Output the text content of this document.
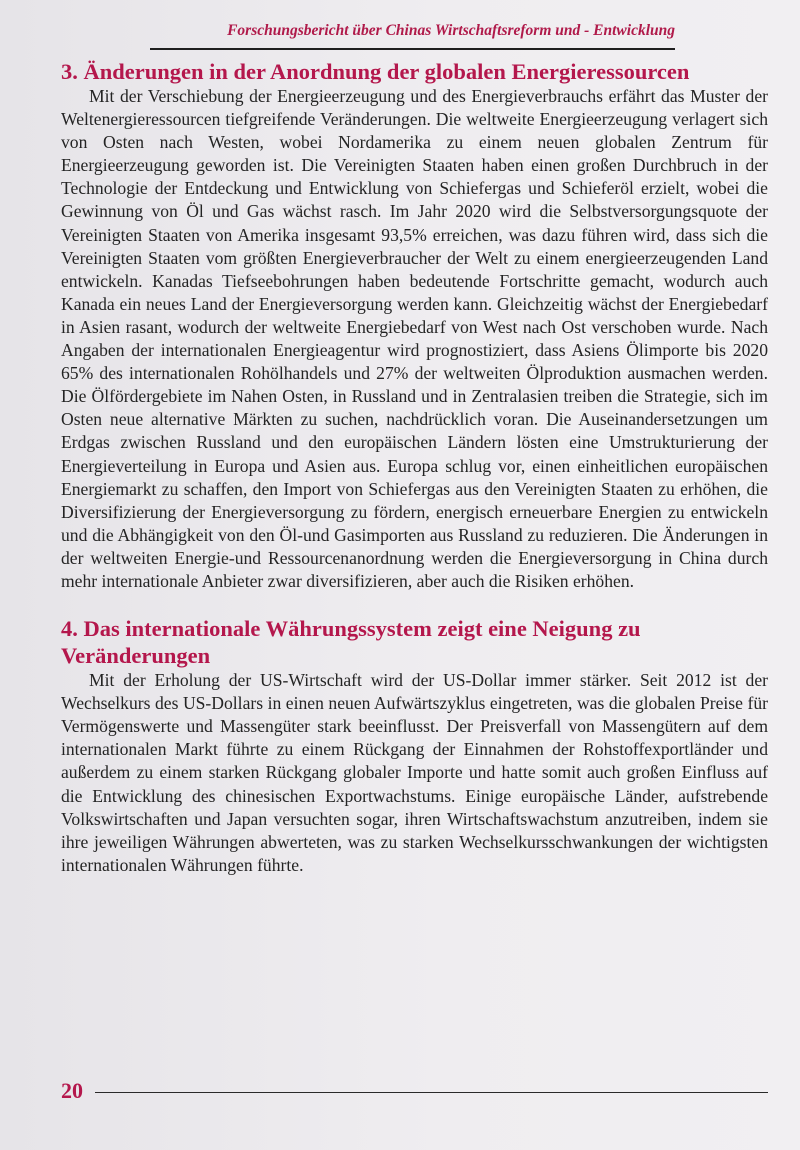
Forschungsbericht über Chinas Wirtschaftsreform und - Entwicklung
3. Änderungen in der Anordnung der globalen Energieressourcen

Mit der Verschiebung der Energieerzeugung und des Energieverbrauchs erfährt das Muster der Weltenergieressourcen tiefgreifende Veränderungen. Die weltweite Energieerzeugung verlagert sich von Osten nach Westen, wobei Nordamerika zu einem neuen globalen Zentrum für Energieerzeugung geworden ist. Die Vereinigten Staaten haben einen großen Durchbruch in der Technologie der Entdeckung und Entwicklung von Schiefergas und Schieferöl erzielt, wobei die Gewinnung von Öl und Gas wächst rasch. Im Jahr 2020 wird die Selbstversorgungsquote der Vereinigten Staaten von Amerika insgesamt 93,5% erreichen, was dazu führen wird, dass sich die Vereinigten Staaten vom größten Energieverbraucher der Welt zu einem energieerzeugenden Land entwickeln. Kanadas Tiefseebohrungen haben bedeutende Fortschritte gemacht, wodurch auch Kanada ein neues Land der Energieversorgung werden kann. Gleichzeitig wächst der Energiebedarf in Asien rasant, wodurch der weltweite Energiebedarf von West nach Ost verschoben wurde. Nach Angaben der internationalen Energieagentur wird prognostiziert, dass Asiens Ölimporte bis 2020 65% des internationalen Rohölhandels und 27% der weltweiten Ölproduktion ausmachen werden. Die Ölfördergebiete im Nahen Osten, in Russland und in Zentralasien treiben die Strategie, sich im Osten neue alternative Märkten zu suchen, nachdrücklich voran. Die Auseinandersetzungen um Erdgas zwischen Russland und den europäischen Ländern lösten eine Umstrukturierung der Energieverteilung in Europa und Asien aus. Europa schlug vor, einen einheitlichen europäischen Energiemarkt zu schaffen, den Import von Schiefergas aus den Vereinigten Staaten zu erhöhen, die Diversifizierung der Energieversorgung zu fördern, energisch erneuerbare Energien zu entwickeln und die Abhängigkeit von den Öl-und Gasimporten aus Russland zu reduzieren. Die Änderungen in der weltweiten Energie-und Ressourcenanordnung werden die Energieversorgung in China durch mehr internationale Anbieter zwar diversifizieren, aber auch die Risiken erhöhen.

4. Das internationale Währungssystem zeigt eine Neigung zu Veränderungen

Mit der Erholung der US-Wirtschaft wird der US-Dollar immer stärker. Seit 2012 ist der Wechselkurs des US-Dollars in einen neuen Aufwärtszyklus eingetreten, was die globalen Preise für Vermögenswerte und Massengüter stark beeinflusst. Der Preisverfall von Massengütern auf dem internationalen Markt führte zu einem Rückgang der Einnahmen der Rohstoffexportländer und außerdem zu einem starken Rückgang globaler Importe und hatte somit auch großen Einfluss auf die Entwicklung des chinesischen Exportwachstums. Einige europäische Länder, aufstrebende Volkswirtschaften und Japan versuchten sogar, ihren Wirtschaftswachstum anzutreiben, indem sie ihre jeweiligen Währungen abwerteten, was zu starken Wechselkursschwankungen der wichtigsten internationalen Währungen führte.

20
